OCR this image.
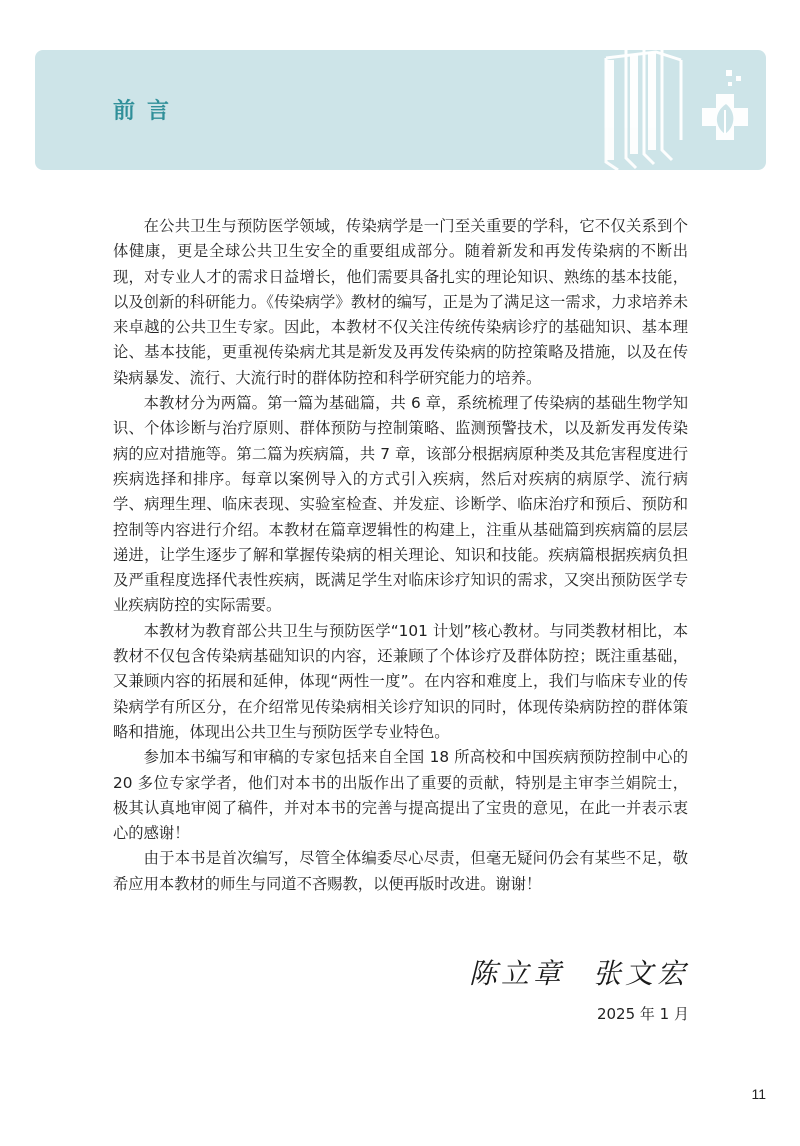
前言

在公共卫生与预防医学领域，传染病学是一门至关重要的学科，它不仅关系到个体健康，更是全球公共卫生安全的重要组成部分。随着新发和再发传染病的不断出现，对专业人才的需求日益增长，他们需要具备扎实的理论知识、熟练的基本技能，以及创新的科研能力。《传染病学》教材的编写，正是为了满足这一需求，力求培养未来卓越的公共卫生专家。因此，本教材不仅关注传统传染病诊疗的基础知识、基本理论、基本技能，更重视传染病尤其是新发及再发传染病的防控策略及措施，以及在传染病暴发、流行、大流行时的群体防控和科学研究能力的培养。

本教材分为两篇。第一篇为基础篇，共 6 章，系统梳理了传染病的基础生物学知识、个体诊断与治疗原则、群体预防与控制策略、监测预警技术，以及新发再发传染病的应对措施等。第二篇为疾病篇，共 7 章，该部分根据病原种类及其危害程度进行疾病选择和排序。每章以案例导入的方式引入疾病，然后对疾病的病原学、流行病学、病理生理、临床表现、实验室检查、并发症、诊断学、临床治疗和预后、预防和控制等内容进行介绍。本教材在篇章逻辑性的构建上，注重从基础篇到疾病篇的层层递进，让学生逐步了解和掌握传染病的相关理论、知识和技能。疾病篇根据疾病负担及严重程度选择代表性疾病，既满足学生对临床诊疗知识的需求，又突出预防医学专业疾病防控的实际需要。

本教材为教育部公共卫生与预防医学“101 计划”核心教材。与同类教材相比，本教材不仅包含传染病基础知识的内容，还兼顾了个体诊疗及群体防控；既注重基础，又兼顾内容的拓展和延伸，体现“两性一度”。在内容和难度上，我们与临床专业的传染病学有所区分，在介绍常见传染病相关诊疗知识的同时，体现传染病防控的群体策略和措施，体现出公共卫生与预防医学专业特色。

参加本书编写和审稿的专家包括来自全国 18 所高校和中国疾病预防控制中心的 20 多位专家学者，他们对本书的出版作出了重要的贡献，特别是主审李兰娟院士，极其认真地审阅了稿件，并对本书的完善与提高提出了宝贵的意见，在此一并表示衷心的感谢！

由于本书是首次编写，尽管全体编委尽心尽责，但毫无疑问仍会有某些不足，敬希应用本教材的师生与同道不吝赐教，以便再版时改进。谢谢！

陈立章 张文宏
2025 年 1 月
11
